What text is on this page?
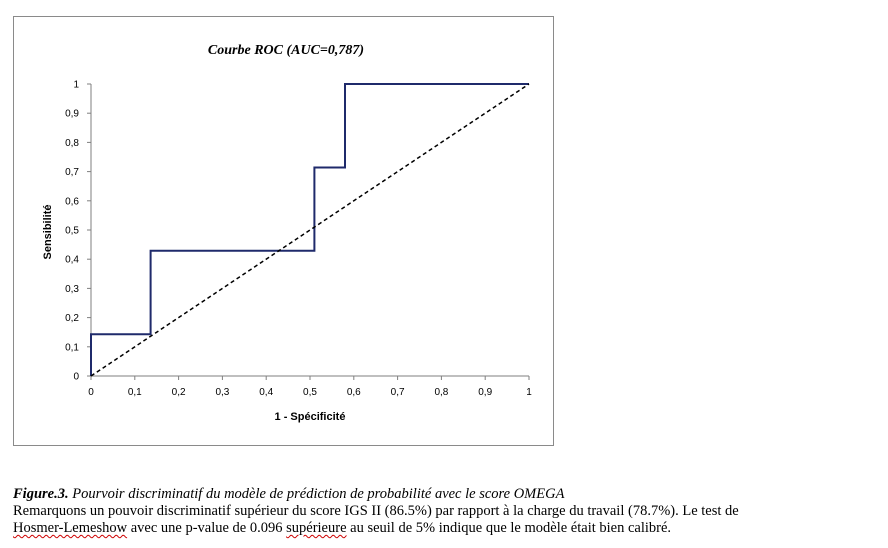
Courbe ROC (AUC=0,787)
0
0,1
0,2
0,3
0,4
0,5
0,6
0,7
0,8
0,9
1
0	0,1	0,2	0,3	0,4	0,5	0,6	0,7	0,8	0,9	1
1 - Spécificité
Sensibilité
Figure.3. Pourvoir discriminatif du modèle de prédiction de probabilité avec le score OMEGA
Remarquons un pouvoir discriminatif supérieur du score IGS II (86.5%) par rapport à la charge du travail (78.7%). Le test de
Hosmer-Lemeshow avec une p-value de 0.096 supérieure au seuil de 5% indique que le modèle était bien calibré.
